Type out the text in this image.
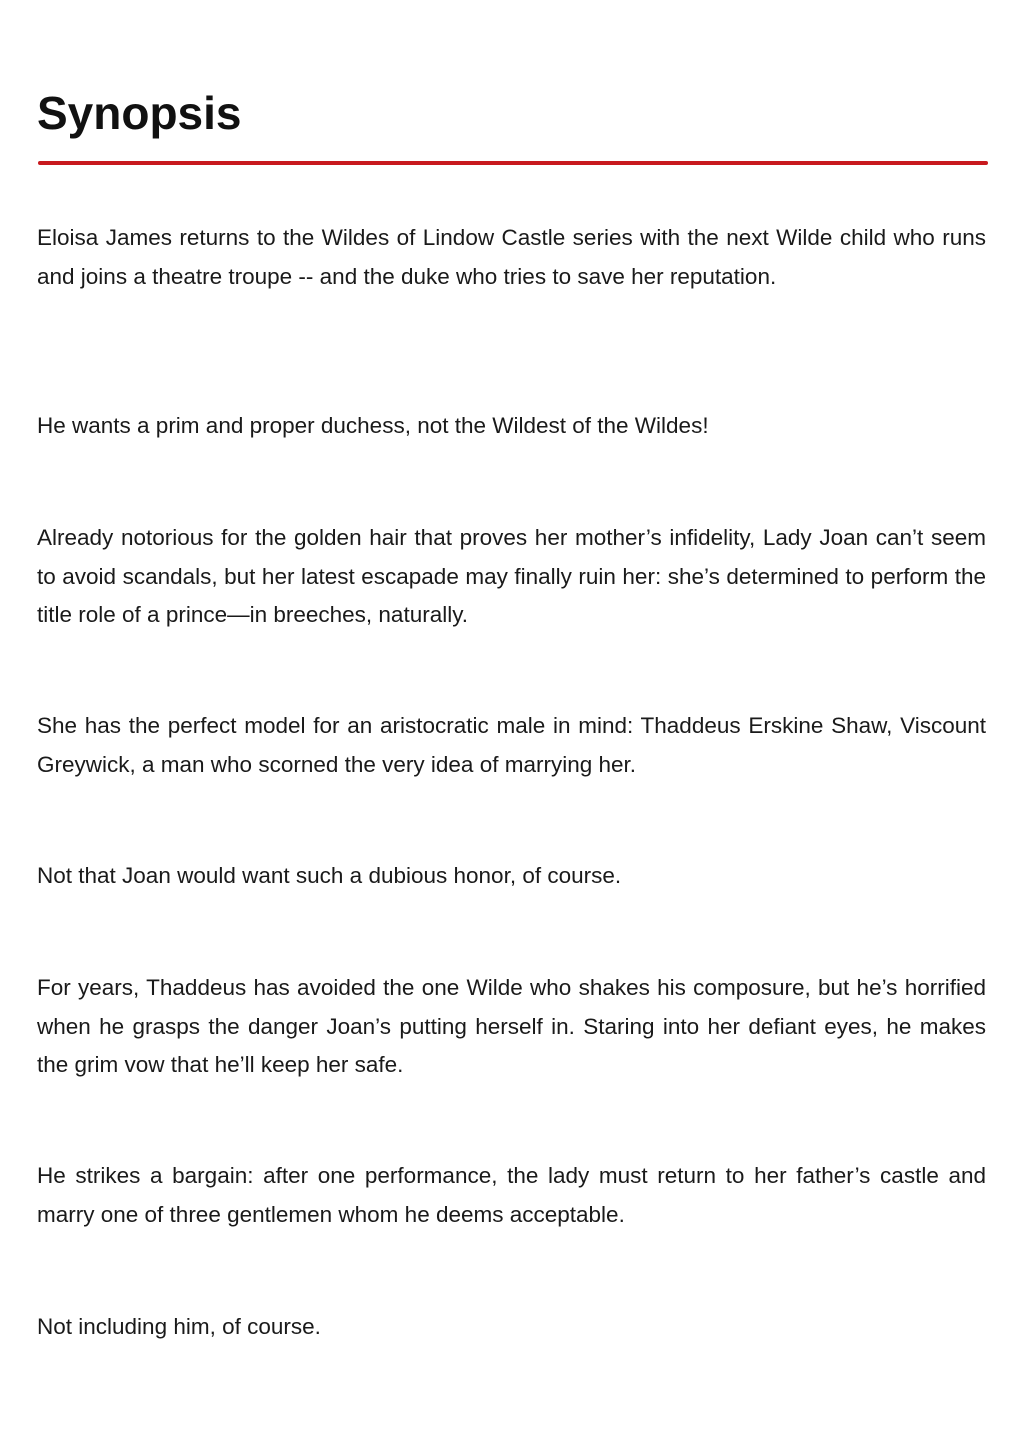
Synopsis

Eloisa James returns to the Wildes of Lindow Castle series with the next Wilde child who runs and joins a theatre troupe -- and the duke who tries to save her reputation.

He wants a prim and proper duchess, not the Wildest of the Wildes!

Already notorious for the golden hair that proves her mother’s infidelity, Lady Joan can’t seem to avoid scandals, but her latest escapade may finally ruin her: she’s determined to perform the title role of a prince—in breeches, naturally.

She has the perfect model for an aristocratic male in mind: Thaddeus Erskine Shaw, Viscount Greywick, a man who scorned the very idea of marrying her.

Not that Joan would want such a dubious honor, of course.

For years, Thaddeus has avoided the one Wilde who shakes his composure, but he’s horrified when he grasps the danger Joan’s putting herself in. Staring into her defiant eyes, he makes the grim vow that he’ll keep her safe.

He strikes a bargain: after one performance, the lady must return to her father’s castle and marry one of three gentlemen whom he deems acceptable.

Not including him, of course.
